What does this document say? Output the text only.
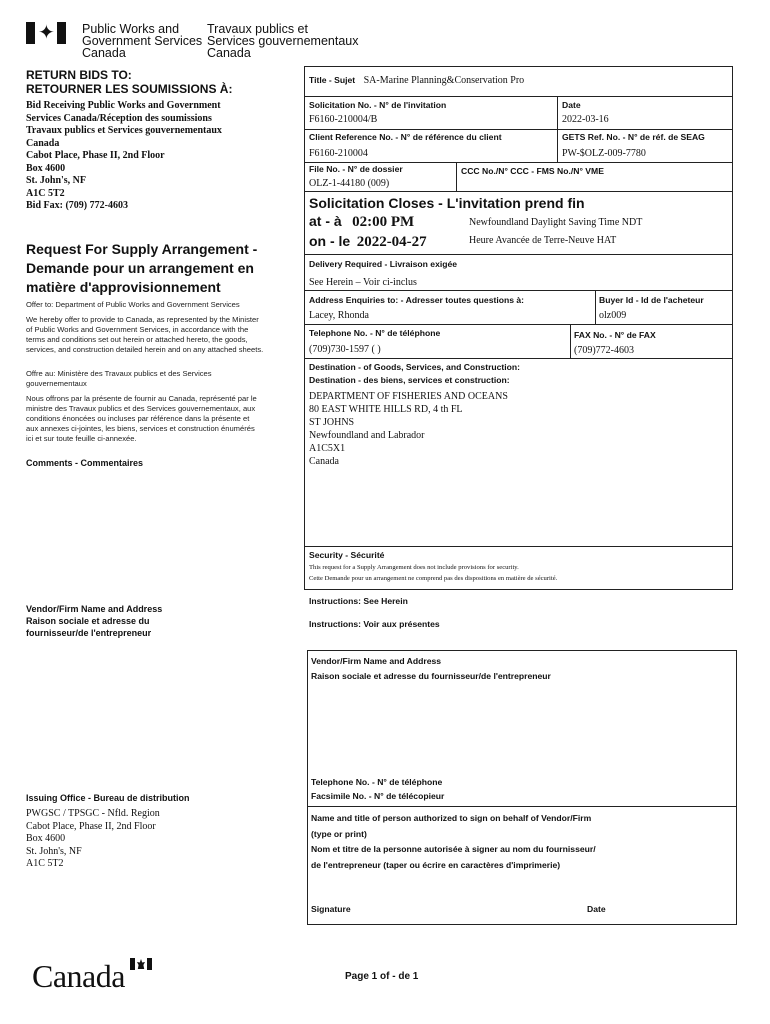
✦ Public Works and
Government Services
Canada
Travaux publics et
Services gouvernementaux
Canada
RETURN BIDS TO:
RETOURNER LES SOUMISSIONS À:
Bid Receiving Public Works and Government
Services Canada/Réception des soumissions
Travaux publics et Services gouvernementaux
Canada
Cabot Place, Phase II, 2nd Floor
Box 4600
St. John's, NF
A1C 5T2
Bid Fax: (709) 772-4603
Request For Supply Arrangement -
Demande pour un arrangement en
matière d'approvisionnement
Offer to: Department of Public Works and Government Services
We hereby offer to provide to Canada, as represented by the Minister
of Public Works and Government Services, in accordance with the
terms and conditions set out herein or attached hereto, the goods,
services, and construction detailed herein and on any attached sheets.
Offre au: Ministère des Travaux publics et des Services
gouvernementaux
Nous offrons par la présente de fournir au Canada, représenté par le
ministre des Travaux publics et des Services gouvernementaux, aux
conditions énoncées ou incluses par référence dans la présente et
aux annexes ci-jointes, les biens, services et construction énumérés
ici et sur toute feuille ci-annexée.
Comments - Commentaires
Vendor/Firm Name and Address
Raison sociale et adresse du
fournisseur/de l'entrepreneur
Issuing Office - Bureau de distribution
PWGSC / TPSGC - Nfld. Region
Cabot Place, Phase II, 2nd Floor
Box 4600
St. John's, NF
A1C 5T2
Title - Sujet SA-Marine Planning&Conservation Pro
Solicitation No. - N° de l'invitation
F6160-210004/B
Date
2022-03-16
Client Reference No. - N° de référence du client
F6160-210004
GETS Ref. No. - N° de réf. de SEAG
PW-$OLZ-009-7780
File No. - N° de dossier
OLZ-1-44180 (009)
CCC No./N° CCC - FMS No./N° VME
Solicitation Closes - L'invitation prend fin
at - à 02:00 PM
on - le 2022-04-27
Newfoundland Daylight Saving Time NDT
Heure Avancée de Terre-Neuve HAT
Delivery Required - Livraison exigée
See Herein – Voir ci-inclus
Address Enquiries to: - Adresser toutes questions à:
Lacey, Rhonda
Buyer Id - Id de l'acheteur
olz009
Telephone No. - N° de téléphone
(709)730-1597 ( )
FAX No. - N° de FAX
(709)772-4603
Destination - of Goods, Services, and Construction:
Destination - des biens, services et construction:
DEPARTMENT OF FISHERIES AND OCEANS
80 EAST WHITE HILLS RD, 4 th FL
ST JOHNS
Newfoundland and Labrador
A1C5X1
Canada
Security - Sécurité
This request for a Supply Arrangement does not include provisions for security.
Cette Demande pour un arrangement ne comprend pas des dispositions en matière de sécurité.
Instructions: See Herein
Instructions: Voir aux présentes
Vendor/Firm Name and Address
Raison sociale et adresse du fournisseur/de l'entrepreneur
Telephone No. - N° de téléphone
Facsimile No. - N° de télécopieur
Name and title of person authorized to sign on behalf of Vendor/Firm
(type or print)
Nom et titre de la personne autorisée à signer au nom du fournisseur/
de l'entrepreneur (taper ou écrire en caractères d'imprimerie)
Signature	Date
Canada	Page 1 of - de 1
